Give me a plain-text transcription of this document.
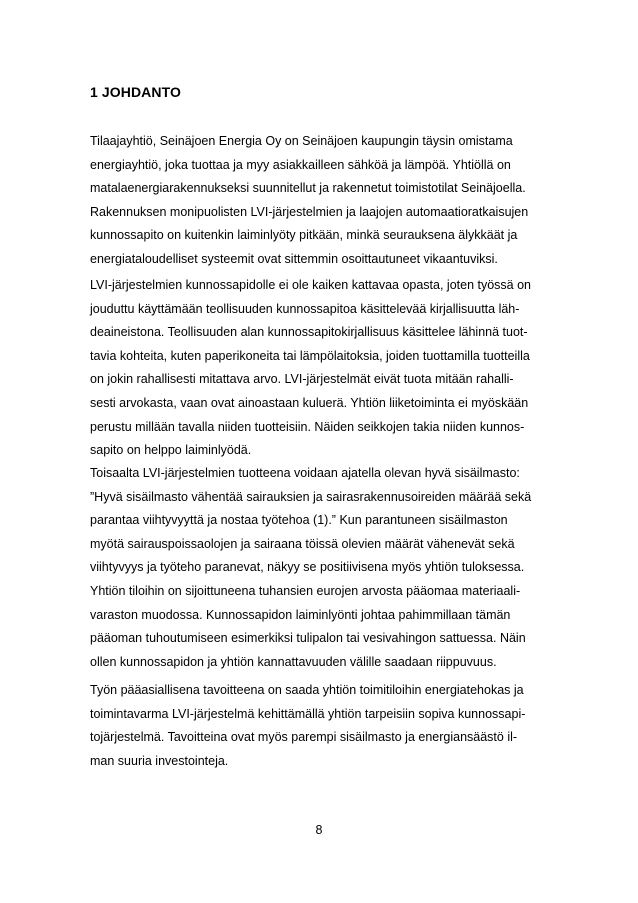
1 JOHDANTO
Tilaajayhtiö, Seinäjoen Energia Oy on Seinäjoen kaupungin täysin omistama
energiayhtiö, joka tuottaa ja myy asiakkailleen sähköä ja lämpöä. Yhtiöllä on
matalaenergiarakennukseksi suunnitellut ja rakennetut toimistotilat Seinäjoella.
Rakennuksen monipuolisten LVI-järjestelmien ja laajojen automaatioratkaisujen
kunnossapito on kuitenkin laiminlyöty pitkään, minkä seurauksena älykkäät ja
energiataloudelliset systeemit ovat sittemmin osoittautuneet vikaantuviksi.
LVI-järjestelmien kunnossapidolle ei ole kaiken kattavaa opasta, joten työssä on
jouduttu käyttämään teollisuuden kunnossapitoa käsittelevää kirjallisuutta läh-
deaineistona. Teollisuuden alan kunnossapitokirjallisuus käsittelee lähinnä tuot-
tavia kohteita, kuten paperikoneita tai lämpölaitoksia, joiden tuottamilla tuotteilla
on jokin rahallisesti mitattava arvo. LVI-järjestelmät eivät tuota mitään rahalli-
sesti arvokasta, vaan ovat ainoastaan kuluerä. Yhtiön liiketoiminta ei myöskään
perustu millään tavalla niiden tuotteisiin. Näiden seikkojen takia niiden kunnos-
sapito on helppo laiminlyödä.
Toisaalta LVI-järjestelmien tuotteena voidaan ajatella olevan hyvä sisäilmasto:
”Hyvä sisäilmasto vähentää sairauksien ja sairasrakennusoireiden määrää sekä
parantaa viihtyvyyttä ja nostaa työtehoa (1).” Kun parantuneen sisäilmaston
myötä sairauspoissaolojen ja sairaana töissä olevien määrät vähenevät sekä
viihtyvyys ja työteho paranevat, näkyy se positiivisena myös yhtiön tuloksessa.
Yhtiön tiloihin on sijoittuneena tuhansien eurojen arvosta pääomaa materiaali-
varaston muodossa. Kunnossapidon laiminlyönti johtaa pahimmillaan tämän
pääoman tuhoutumiseen esimerkiksi tulipalon tai vesivahingon sattuessa. Näin
ollen kunnossapidon ja yhtiön kannattavuuden välille saadaan riippuvuus.
Työn pääasiallisena tavoitteena on saada yhtiön toimitiloihin energiatehokas ja
toimintavarma LVI-järjestelmä kehittämällä yhtiön tarpeisiin sopiva kunnossapi-
tojärjestelmä. Tavoitteina ovat myös parempi sisäilmasto ja energiansäästö il-
man suuria investointeja.
8
